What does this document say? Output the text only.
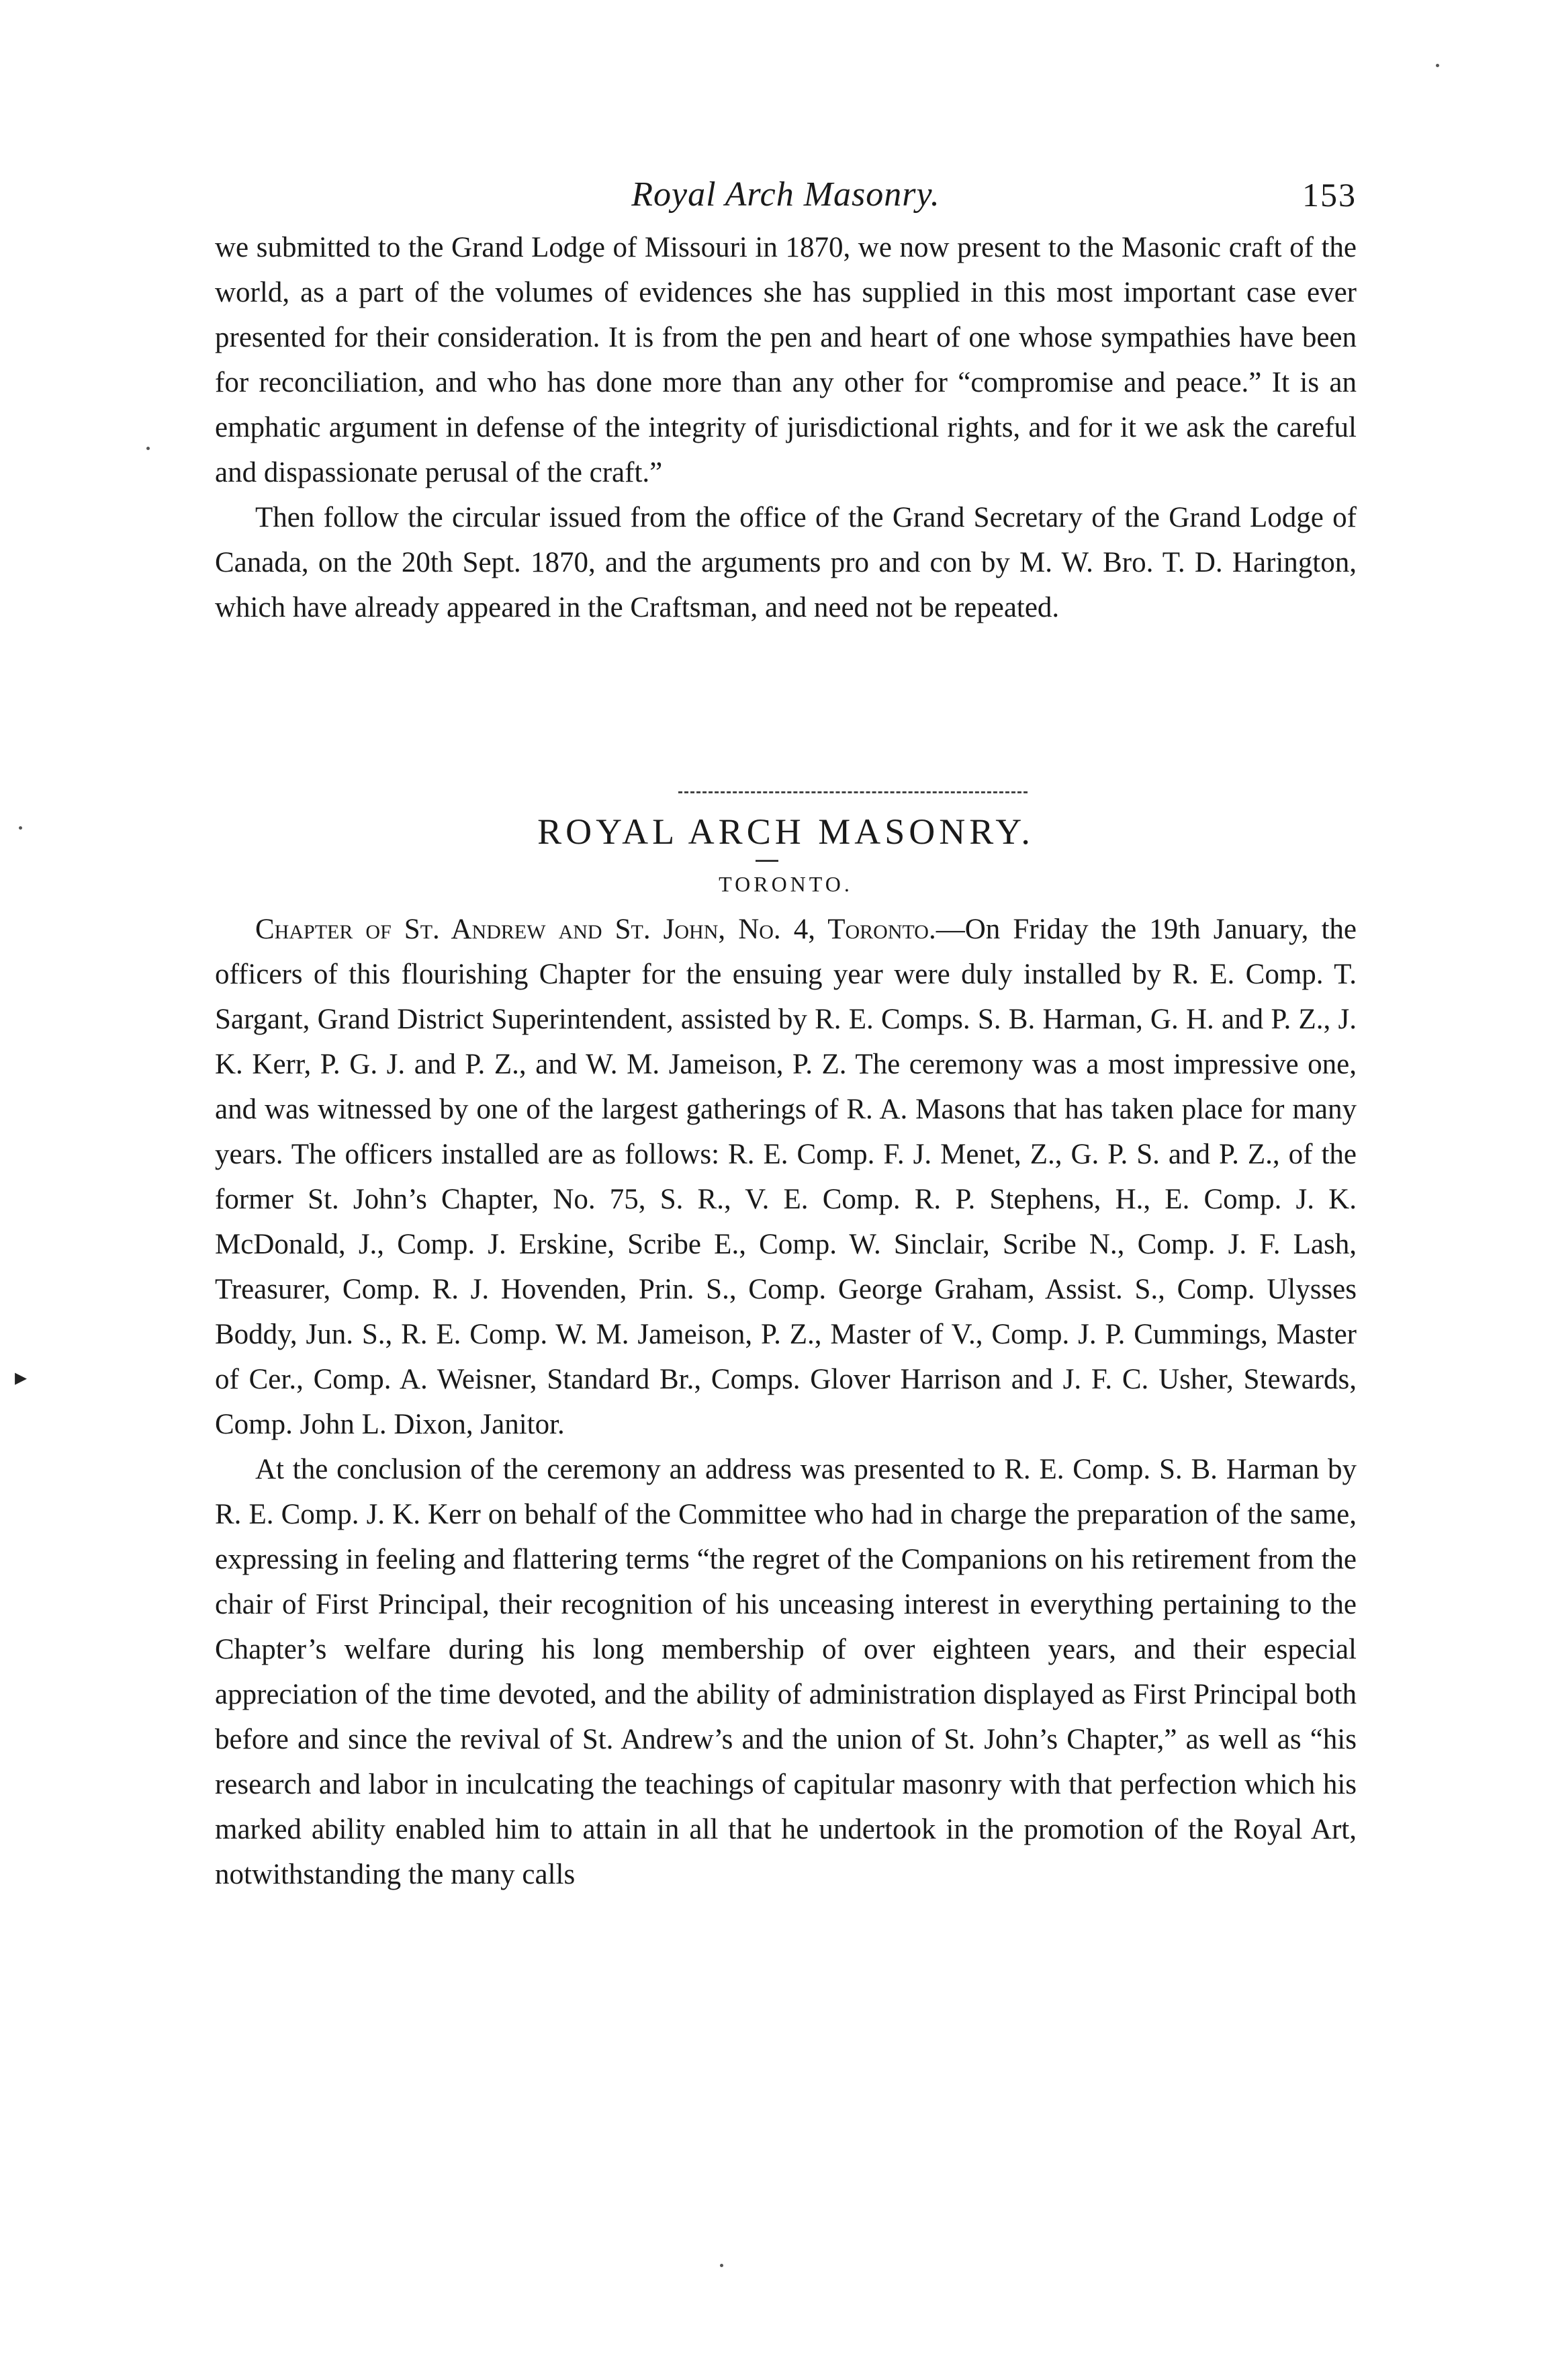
Royal Arch Masonry.	153

we submitted to the Grand Lodge of Missouri in 1870, we now present to the Masonic craft of the world, as a part of the volumes of evidences she has supplied in this most important case ever presented for their consideration. It is from the pen and heart of one whose sympathies have been for reconciliation, and who has done more than any other for “compromise and peace.” It is an emphatic argument in defense of the integrity of jurisdictional rights, and for it we ask the careful and dispassionate perusal of the craft.”

Then follow the circular issued from the office of the Grand Secretary of the Grand Lodge of Canada, on the 20th Sept. 1870, and the arguments pro and con by M. W. Bro. T. D. Harington, which have already appeared in the Craftsman, and need not be repeated.

ROYAL ARCH MASONRY.
TORONTO.

Chapter of St. Andrew and St. John, No. 4, Toronto.—On Friday the 19th January, the officers of this flourishing Chapter for the ensuing year were duly installed by R. E. Comp. T. Sargant, Grand District Superintendent, assisted by R. E. Comps. S. B. Harman, G. H. and P. Z., J. K. Kerr, P. G. J. and P. Z., and W. M. Jameison, P. Z. The ceremony was a most impressive one, and was witnessed by one of the largest gatherings of R. A. Masons that has taken place for many years. The officers installed are as follows: R. E. Comp. F. J. Menet, Z., G. P. S. and P. Z., of the former St. John’s Chapter, No. 75, S. R., V. E. Comp. R. P. Stephens, H., E. Comp. J. K. McDonald, J., Comp. J. Erskine, Scribe E., Comp. W. Sinclair, Scribe N., Comp. J. F. Lash, Treasurer, Comp. R. J. Hovenden, Prin. S., Comp. George Graham, Assist. S., Comp. Ulysses Boddy, Jun. S., R. E. Comp. W. M. Jameison, P. Z., Master of V., Comp. J. P. Cummings, Master of Cer., Comp. A. Weisner, Standard Br., Comps. Glover Harrison and J. F. C. Usher, Stewards, Comp. John L. Dixon, Janitor.

At the conclusion of the ceremony an address was presented to R. E. Comp. S. B. Harman by R. E. Comp. J. K. Kerr on behalf of the Committee who had in charge the preparation of the same, expressing in feeling and flattering terms “the regret of the Companions on his retirement from the chair of First Principal, their recognition of his unceasing interest in everything pertaining to the Chapter’s welfare during his long membership of over eighteen years, and their especial appreciation of the time devoted, and the ability of administration displayed as First Principal both before and since the revival of St. Andrew’s and the union of St. John’s Chapter,” as well as “his research and labor in inculcating the teachings of capitular masonry with that perfection which his marked ability enabled him to attain in all that he undertook in the promotion of the Royal Art, notwithstanding the many calls

▸
